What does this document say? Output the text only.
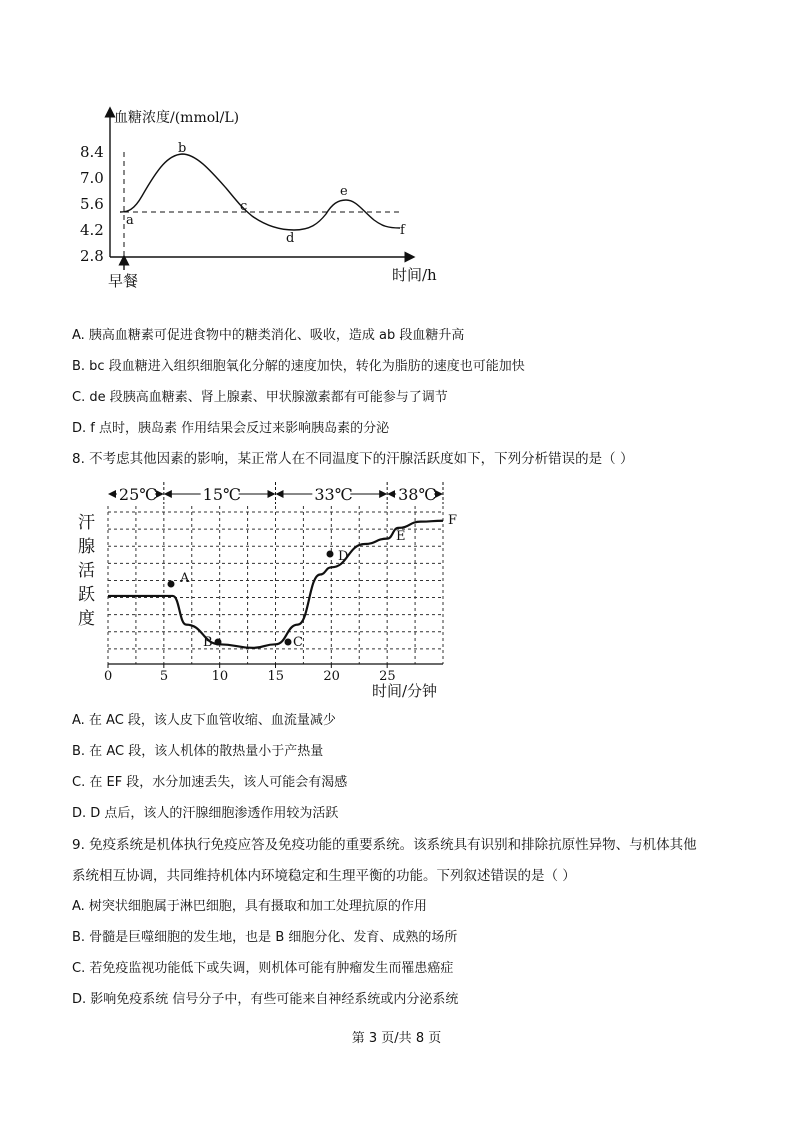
血糖浓度/(mmol/L)
8.4
7.0
5.6
4.2
2.8
早餐	时间/h
a
b
c
d
e
f
A. 胰高血糖素可促进食物中的糖类消化、吸收，造成 ab 段血糖升高
B. bc 段血糖进入组织细胞氧化分解的速度加快，转化为脂肪的速度也可能加快
C. de 段胰高血糖素、肾上腺素、甲状腺激素都有可能参与了调节
D. f 点时，胰岛素 作用结果会反过来影响胰岛素的分泌
8. 不考虑其他因素的影响，某正常人在不同温度下的汗腺活跃度如下，下列分析错误的是（ ）
25℃	15℃	33℃	38℃
0	5	10	15	20	25
时间/分钟
汗腺活跃度
A
B	C
D
E
F
A. 在 AC 段，该人皮下血管收缩、血流量减少
B. 在 AC 段，该人机体的散热量小于产热量
C. 在 EF 段，水分加速丢失，该人可能会有渴感
D. D 点后，该人的汗腺细胞渗透作用较为活跃
9. 免疫系统是机体执行免疫应答及免疫功能的重要系统。该系统具有识别和排除抗原性异物、与机体其他
系统相互协调，共同维持机体内环境稳定和生理平衡的功能。下列叙述错误的是（ ）
A. 树突状细胞属于淋巴细胞，具有摄取和加工处理抗原的作用
B. 骨髓是巨噬细胞的发生地，也是 B 细胞分化、发育、成熟的场所
C. 若免疫监视功能低下或失调，则机体可能有肿瘤发生而罹患癌症
D. 影响免疫系统 信号分子中，有些可能来自神经系统或内分泌系统
第 3 页/共 8 页
